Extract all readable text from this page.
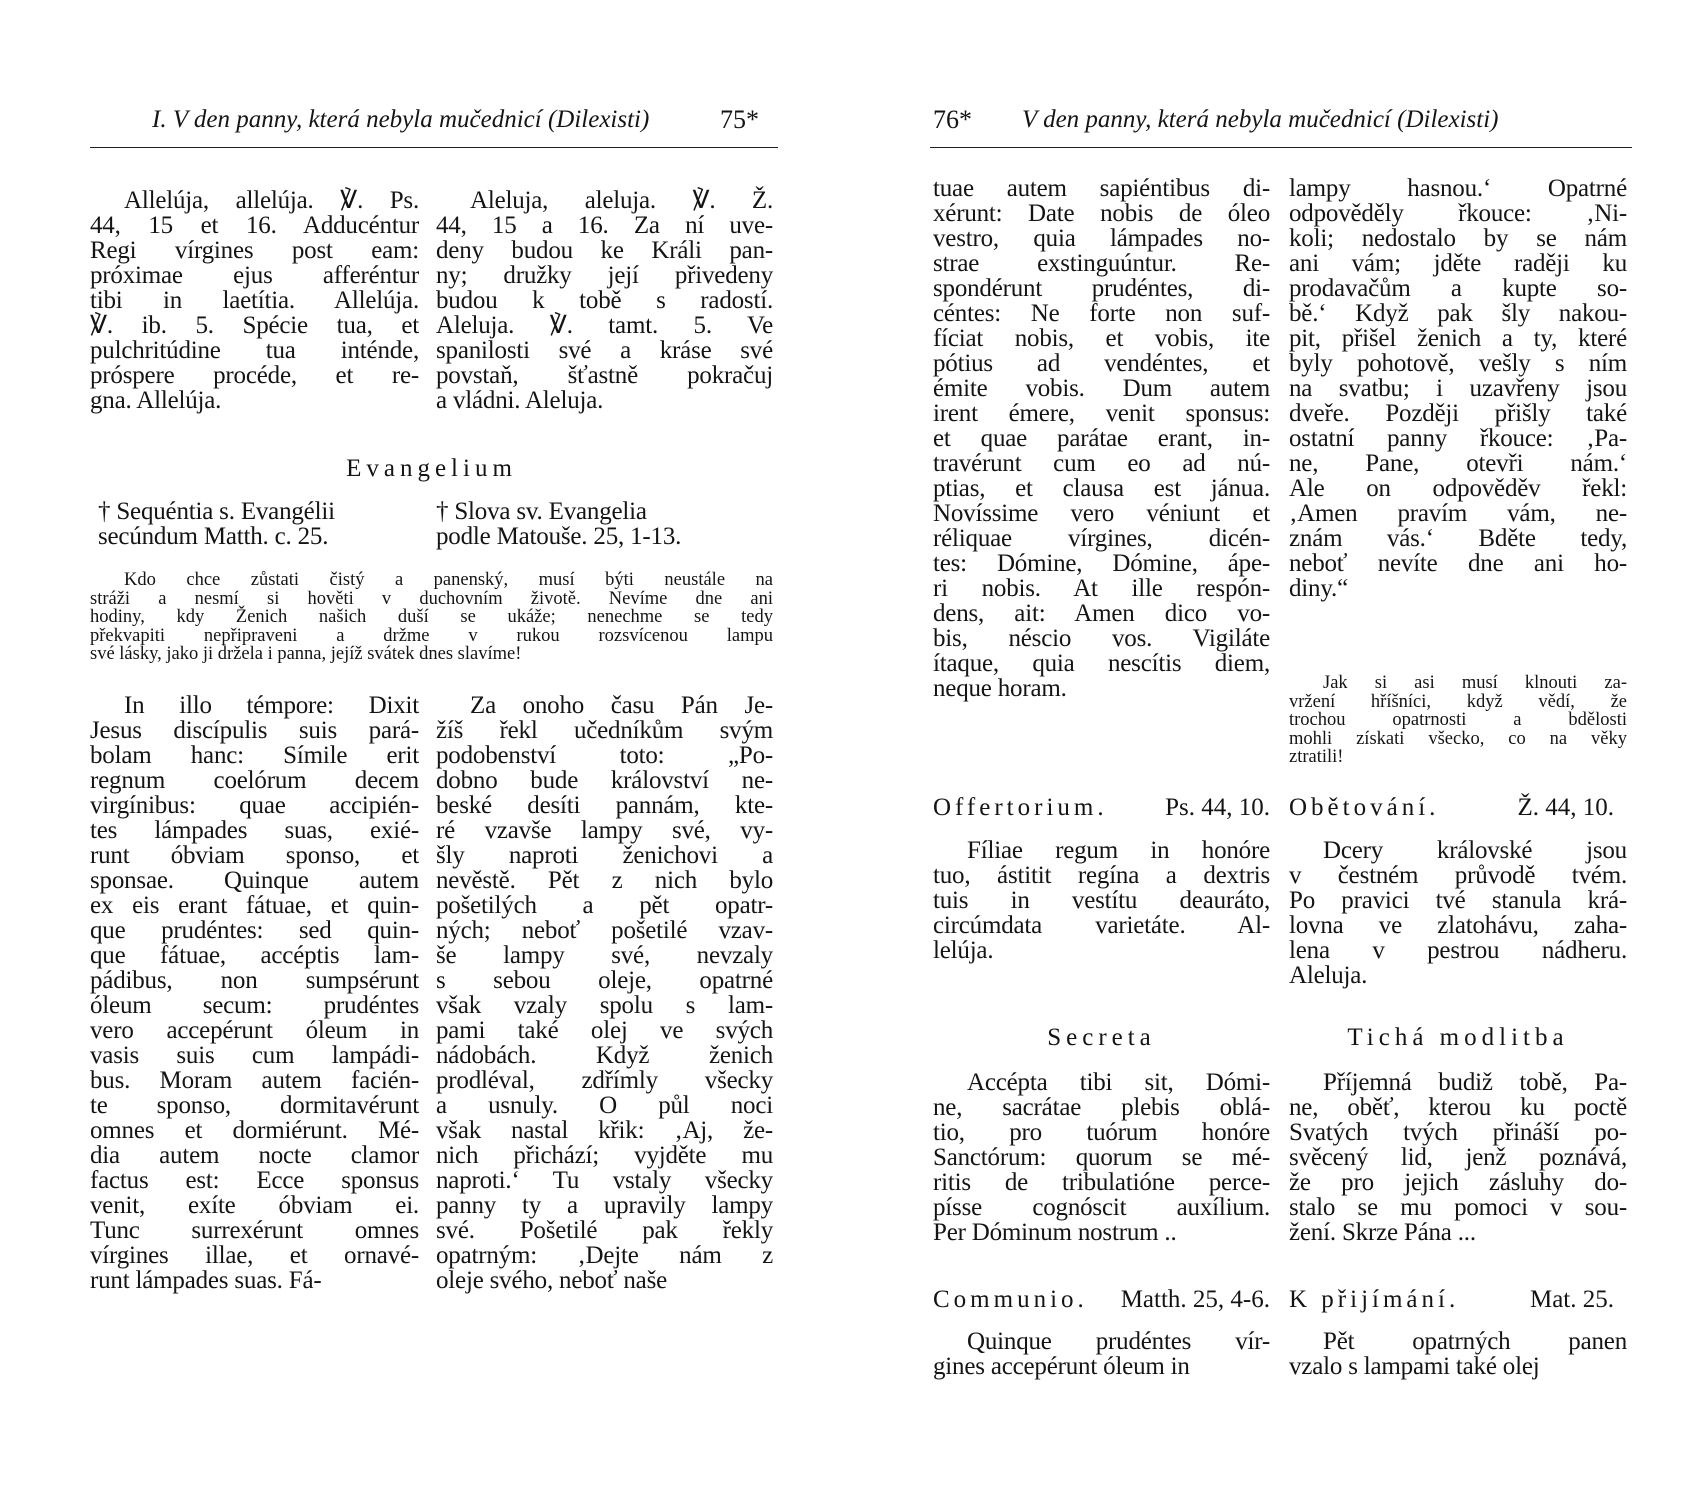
I. V den panny, která nebyla mučednicí (Dilexisti)	75*
Allelúja, allelúja. ℣. Ps.
44, 15 et 16. Adducéntur
Regi vírgines post eam:
próximae ejus afferéntur
tibi in laetítia. Allelúja.
℣. ib. 5. Spécie tua, et
pulchritúdine tua inténde,
próspere procéde, et re-
gna. Allelúja.
Aleluja, aleluja. ℣. Ž.
44, 15 a 16. Za ní uve-
deny budou ke Králi pan-
ny; družky její přivedeny
budou k tobě s radostí.
Aleluja. ℣. tamt. 5. Ve
spanilosti své a kráse své
povstaň, šťastně pokračuj
a vládni. Aleluja.
Evangelium
† Sequéntia s. Evangélii
secúndum Matth. c. 25.
† Slova sv. Evangelia
podle Matouše. 25, 1-13.
Kdo chce zůstati čistý a panenský, musí býti neustále na
stráži a nesmí si hověti v duchovním životě. Nevíme dne ani
hodiny, kdy Ženich našich duší se ukáže; nenechme se tedy
překvapiti nepřipraveni a držme v rukou rozsvícenou lampu
své lásky, jako ji držela i panna, jejíž svátek dnes slavíme!
In illo témpore: Dixit
Jesus discípulis suis pará-
bolam hanc: Símile erit
regnum coelórum decem
virgínibus: quae accipién-
tes lámpades suas, exié-
runt óbviam sponso, et
sponsae. Quinque autem
ex eis erant fátuae, et quin-
que prudéntes: sed quin-
que fátuae, accéptis lam-
pádibus, non sumpsérunt
óleum secum: prudéntes
vero accepérunt óleum in
vasis suis cum lampádi-
bus. Moram autem facién-
te sponso, dormitavérunt
omnes et dormiérunt. Mé-
dia autem nocte clamor
factus est: Ecce sponsus
venit, exíte óbviam ei.
Tunc surrexérunt omnes
vírgines illae, et ornavé-
runt lámpades suas. Fá-
Za onoho času Pán Je-
žíš řekl učedníkům svým
podobenství toto: „Po-
dobno bude království ne-
beské desíti pannám, kte-
ré vzavše lampy své, vy-
šly naproti ženichovi a
nevěstě. Pět z nich bylo
pošetilých a pět opatr-
ných; neboť pošetilé vzav-
še lampy své, nevzaly
s sebou oleje, opatrné
však vzaly spolu s lam-
pami také olej ve svých
nádobách. Když ženich
prodléval, zdřímly všecky
a usnuly. O půl noci
však nastal křik: ‚Aj, že-
nich přichází; vyjděte mu
naproti.‘ Tu vstaly všecky
panny ty a upravily lampy
své. Pošetilé pak řekly
opatrným: ‚Dejte nám z
oleje svého, neboť naše
76* V den panny, která nebyla mučednicí (Dilexisti)
tuae autem sapiéntibus di-
xérunt: Date nobis de óleo
vestro, quia lámpades no-
strae exstinguúntur. Re-
spondérunt prudéntes, di-
céntes: Ne forte non suf-
fíciat nobis, et vobis, ite
pótius ad vendéntes, et
émite vobis. Dum autem
irent émere, venit sponsus:
et quae parátae erant, in-
travérunt cum eo ad nú-
ptias, et clausa est jánua.
Novíssime vero véniunt et
réliquae vírgines, dicén-
tes: Dómine, Dómine, ápe-
ri nobis. At ille respón-
dens, ait: Amen dico vo-
bis, néscio vos. Vigiláte
ítaque, quia nescítis diem,
neque horam.
lampy hasnou.‘ Opatrné
odpověděly řkouce: ‚Ni-
koli; nedostalo by se nám
ani vám; jděte raději ku
prodavačům a kupte so-
bě.‘ Když pak šly nakou-
pit, přišel ženich a ty, které
byly pohotově, vešly s ním
na svatbu; i uzavřeny jsou
dveře. Později přišly také
ostatní panny řkouce: ‚Pa-
ne, Pane, otevři nám.‘
Ale on odpověděv řekl:
‚Amen pravím vám, ne-
znám vás.‘ Bděte tedy,
neboť nevíte dne ani ho-
diny.“
Jak si asi musí klnouti za-
vržení hříšníci, když vědí, že
trochou opatrnosti a bdělosti
mohli získati všecko, co na věky
ztratili!
Offertorium. Ps. 44, 10. Obětování.	Ž. 44, 10.
Fíliae regum in honóre
tuo, ástitit regína a dextris
tuis in vestítu deauráto,
circúmdata varietáte. Al-
lelúja.
Dcery královské jsou
v čestném průvodě tvém.
Po pravici tvé stanula krá-
lovna ve zlatohávu, zaha-
lena v pestrou nádheru.
Aleluja.
Secreta	Tichá modlitba
Accépta tibi sit, Dómi-
ne, sacrátae plebis oblá-
tio, pro tuórum honóre
Sanctórum: quorum se mé-
ritis de tribulatióne perce-
písse cognóscit auxílium.
Per Dóminum nostrum ..
Příjemná budiž tobě, Pa-
ne, oběť, kterou ku poctě
Svatých tvých přináší po-
svěcený lid, jenž poznává,
že pro jejich zásluhy do-
stalo se mu pomoci v sou-
žení. Skrze Pána ...
Communio. Matth. 25, 4-6. K přijímání.	Mat. 25.
Quinque prudéntes vír-
gines accepérunt óleum in
Pět opatrných panen
vzalo s lampami také olej
